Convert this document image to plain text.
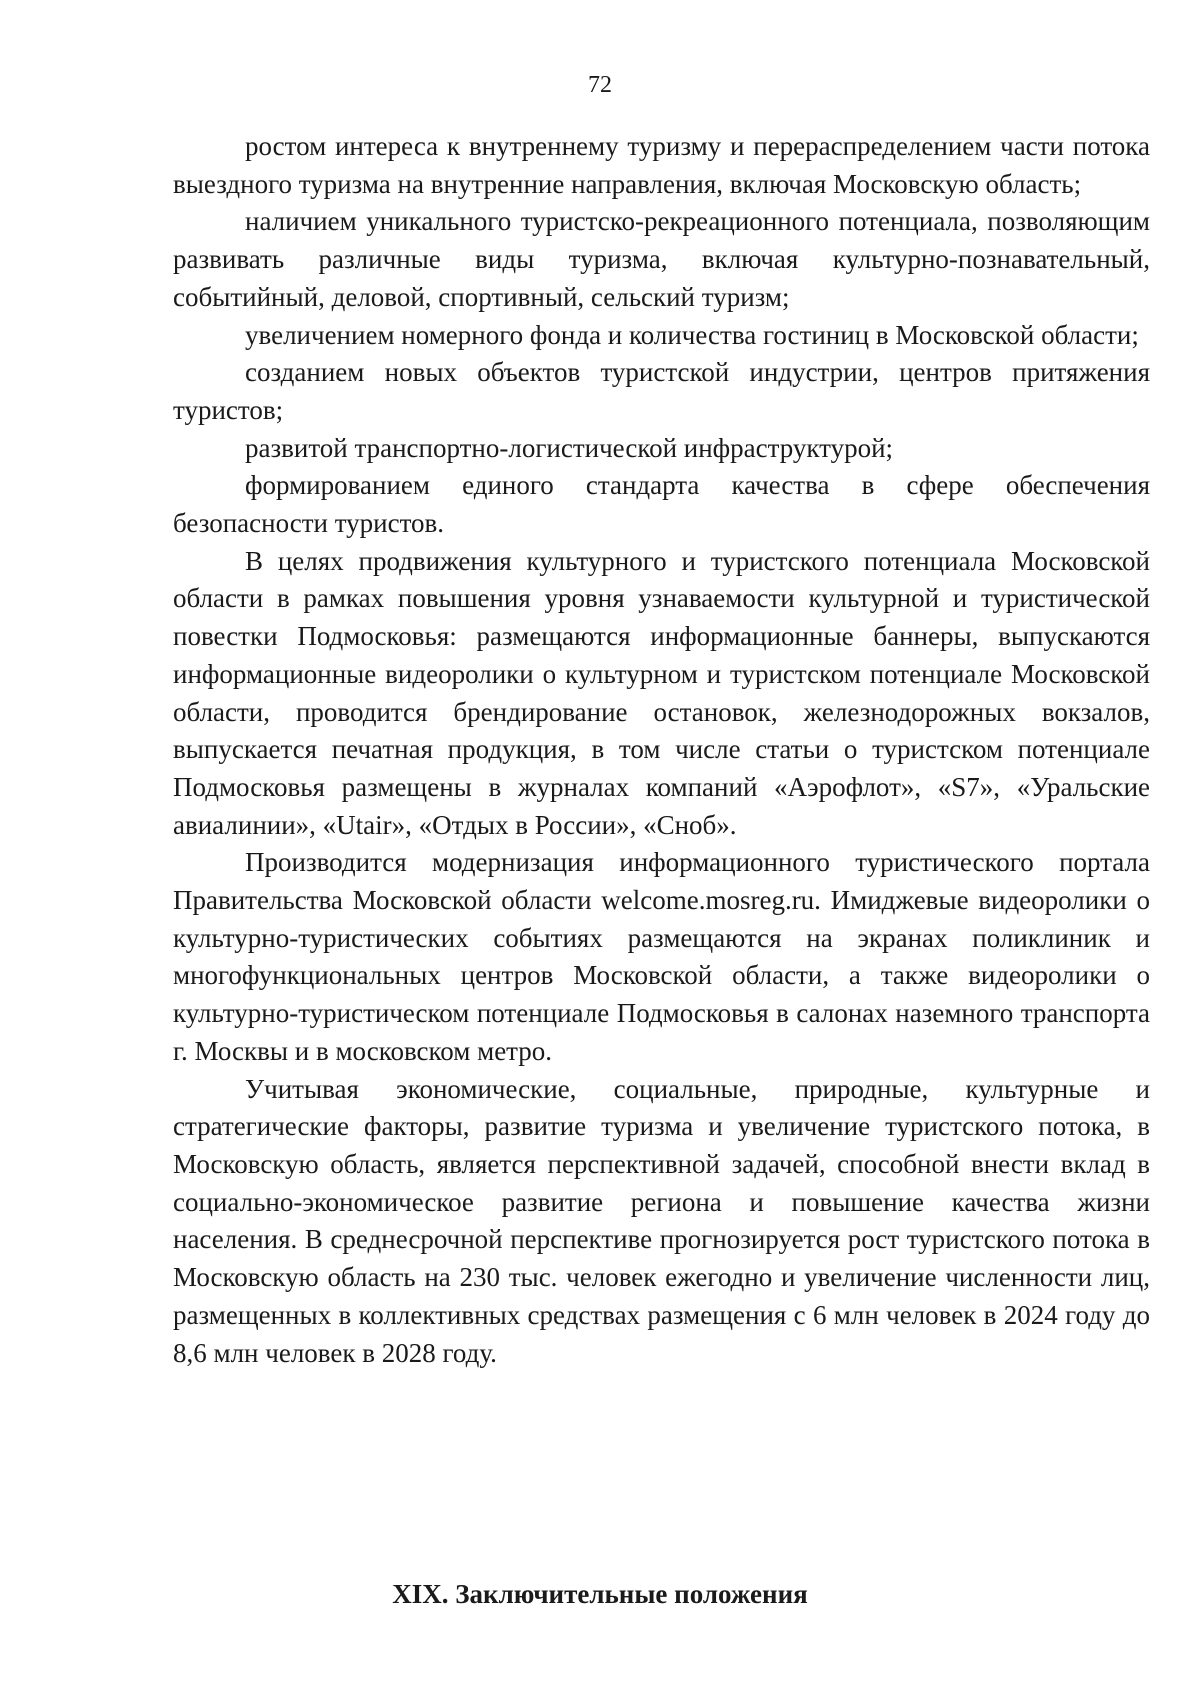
72

ростом интереса к внутреннему туризму и перераспределением части потока выездного туризма на внутренние направления, включая Московскую область;

наличием уникального туристско-рекреационного потенциала, позволяющим развивать различные виды туризма, включая культурно-познавательный, событийный, деловой, спортивный, сельский туризм;

увеличением номерного фонда и количества гостиниц в Московской области;

созданием новых объектов туристской индустрии, центров притяжения туристов;

развитой транспортно-логистической инфраструктурой;

формированием единого стандарта качества в сфере обеспечения безопасности туристов.

В целях продвижения культурного и туристского потенциала Московской области в рамках повышения уровня узнаваемости культурной и туристической повестки Подмосковья: размещаются информационные баннеры, выпускаются информационные видеоролики о культурном и туристском потенциале Московской области, проводится брендирование остановок, железнодорожных вокзалов, выпускается печатная продукция, в том числе статьи о туристском потенциале Подмосковья размещены в журналах компаний «Аэрофлот», «S7», «Уральские авиалинии», «Utair», «Отдых в России», «Сноб».

Производится модернизация информационного туристического портала Правительства Московской области welcome.mosreg.ru. Имиджевые видеоролики о культурно-туристических событиях размещаются на экранах поликлиник и многофункциональных центров Московской области, а также видеоролики о культурно-туристическом потенциале Подмосковья в салонах наземного транспорта г. Москвы и в московском метро.

Учитывая экономические, социальные, природные, культурные и стратегические факторы, развитие туризма и увеличение туристского потока, в Московскую область, является перспективной задачей, способной внести вклад в социально-экономическое развитие региона и повышение качества жизни населения. В среднесрочной перспективе прогнозируется рост туристского потока в Московскую область на 230 тыс. человек ежегодно и увеличение численности лиц, размещенных в коллективных средствах размещения с 6 млн человек в 2024 году до 8,6 млн человек в 2028 году.

XIX. Заключительные положения
